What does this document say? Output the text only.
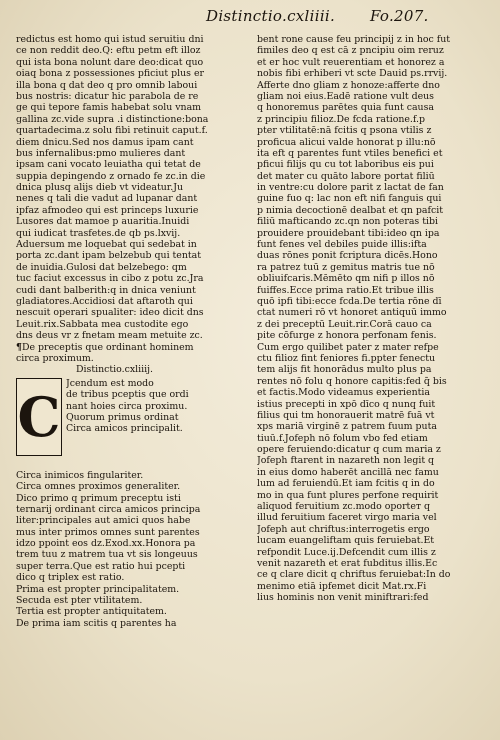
Distinctio.cxliiii. Fo.207.
redictus est homo qui istud seruitiu dni
ce non reddit deo.Q: eftu petm eft illoz
qui ista bona nolunt dare deo:dicat quo
oiaq bona z possessiones pficiut plus er
illa bona q dat deo q pro omnib laboui
bus nostris: dicatur hic parabola de re
ge qui tepore famis habebat solu vnam
gallina zc.vide supra .i distinctione:bona
quartadecima.z solu fibi retinuit caput.f.
diem dnicu.Sed nos damus ipam cant
bus infernalibus:pmo mulieres dant
ipsam cani vocato leuiatha qui tetat de
suppia depingendo z ornado fe zc.in die
dnica plusq alijs dieb vt videatur.Ju
nenes q tali die vadut ad lupanar dant
ipfaz afmodeo qui est princeps luxurie
Lusores dat mamoe p auaritia.Inuidi
qui iudicat trasfetes.de qb ps.lxvij.
Aduersum me loquebat qui sedebat in
porta zc.dant ipam belzebub qui tentat
de inuidia.Gulosi dat belzebego: qm
tuc faciut excessus in cibo z potu zc.Jra
cudi dant balberith:q in dnica veniunt
gladiatores.Accidiosi dat aftaroth qui
nescuit operari spualiter: ideo dicit dns
Leuit.rix.Sabbata mea custodite ego
dns deus vr z fnetam meam metuite zc.
¶De preceptis que ordinant hominem
circa proximum.
Distinctio.cxliiij.
C
Jcendum est modo
de tribus pceptis que ordi
nant hoies circa proximu.
Quorum primus ordinat
Circa amicos principalit.
Circa inimicos fingulariter.
Circa omnes proximos generaliter.
Dico primo q primum preceptu isti
ternarij ordinant circa amicos principa
liter:principales aut amici quos habe
mus inter primos omnes sunt parentes
idzo ppoint eos dz.Exod.xx.Honora pa
trem tuu z matrem tua vt sis longeuus
super terra.Que est ratio hui pcepti
dico q triplex est ratio.
Prima est propter principalitatem.
Secuda est pter vtilitatem.
Tertia est propter antiquitatem.
De prima iam scitis q parentes ha
bent rone cause feu principij z in hoc fut
fimiles deo q est cā z pncipiu oim reruz
et er hoc vult reuerentiam et honorez a
nobis fibi erhiberi vt scte Dauid ps.rrvij.
Afferte dno gliam z honoze:afferte dno
gliam noi eius.Eadē ratione vult deus
q honoremus parētes quia funt causa
z principiu filioz.De fcda ratione.f.p
pter vtilitatē:nā fcitis q psona vtilis z
proficua alicui valde honorat p illu:nō
ita eft q parentes funt vtiles benefici et
pficui filijs qu cu tot laboribus eis pui
det mater cu quāto labore portat filiū
in ventre:cu dolore parit z lactat de fan
guine fuo q: lac non eft nifi fanguis qui
p nimia decoctionē dealbat et qn pafcit
filiū mafticando zc.qn non poteras tibi
prouidere prouidebant tibi:ideo qn ipa
funt fenes vel debiles puide illis:ifta
duas rōnes ponit fcriptura dicēs.Hono
ra patrez tuū z gemitus matris tue nō
obliuifcaris.Mēmēto qm nifi p illos nō
fuiffes.Ecce prima ratio.Et tribue illis
quō ipfi tibi:ecce fcda.De tertia rōne dī
ctat numeri rō vt honoret antiquū immo
z dei preceptū Leuit.rir.Corā cauo ca
pite cōfurge z honora perfonam fenis.
Cum ergo quilibet pater z mater refpe
ctu filioz fint feniores fi.ppter fenectu
tem alijs fit honorādus multo plus pa
rentes nō folu q honore capitis:fed q̄ bis
et factis.Modo videamus experientia
istius precepti in xpō dīco q nunq fuit
filius qui tm honorauerit matrē fuā vt
xps mariā virginē z patrem fuum puta
tiuū.f.Jofeph nō folum vbo fed etiam
opere feruiendo:dicatur q cum maria z
Jofeph ftarent in nazareth non legit q
in eius domo haberēt ancillā nec famu
lum ad feruiendū.Et iam fcitis q in do
mo in qua funt plures perfone requirit
aliquod feruitium zc.modo oporteт q
illud feruitium faceret virgo maria vel
Jofeph aut chriftus:interrogetis ergo
lucam euangeliftam quis feruiebat.Et
refpondit Luce.ij.Defcendit cum illis z
venit nazareth et erat fubditus illis.Ec
ce q clare dicit q chriftus feruiebat:In do
menimo etiā ipfemet dicit Mat.rx.Fi
lius hominis non venit miniftrari:fed
